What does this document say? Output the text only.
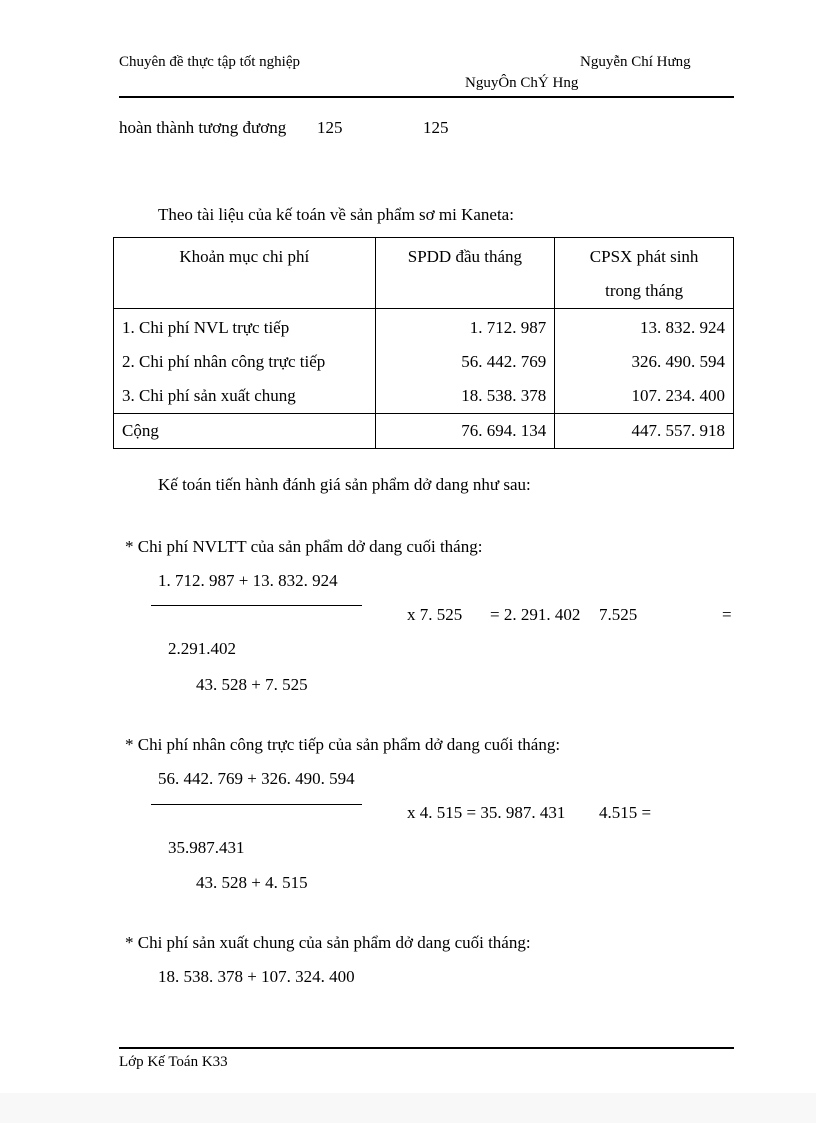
Chuyên đề thực tập tốt nghiệp	Nguyễn Chí Hưng
NguyÔn ChÝ Hng
hoàn thành tương đương 125	125
Theo tài liệu của kế toán về sản phẩm sơ mi Kaneta:
Khoản mục chi phí	SPDD đầu tháng	CPSX phát sinh
trong tháng

1. Chi phí NVL trực tiếp	1. 712. 987	13. 832. 924
2. Chi phí nhân công trực tiếp	56. 442. 769	326. 490. 594
3. Chi phí sản xuất chung	18. 538. 378	107. 234. 400
Cộng	76. 694. 134	447. 557. 918
Kế toán tiến hành đánh giá sản phẩm dở dang như sau:
* Chi phí NVLTT của sản phẩm dở dang cuối tháng:
1. 712. 987 + 13. 832. 924
x 7. 525 = 2. 291. 402 7.525	=
2.291.402
43. 528 + 7. 525
* Chi phí nhân công trực tiếp của sản phẩm dở dang cuối tháng:
56. 442. 769 + 326. 490. 594
x 4. 515 = 35. 987. 431 4.515 =
35.987.431
43. 528 + 4. 515
* Chi phí sản xuất chung của sản phẩm dở dang cuối tháng:
18. 538. 378 + 107. 324. 400
Lớp Kế Toán K33
